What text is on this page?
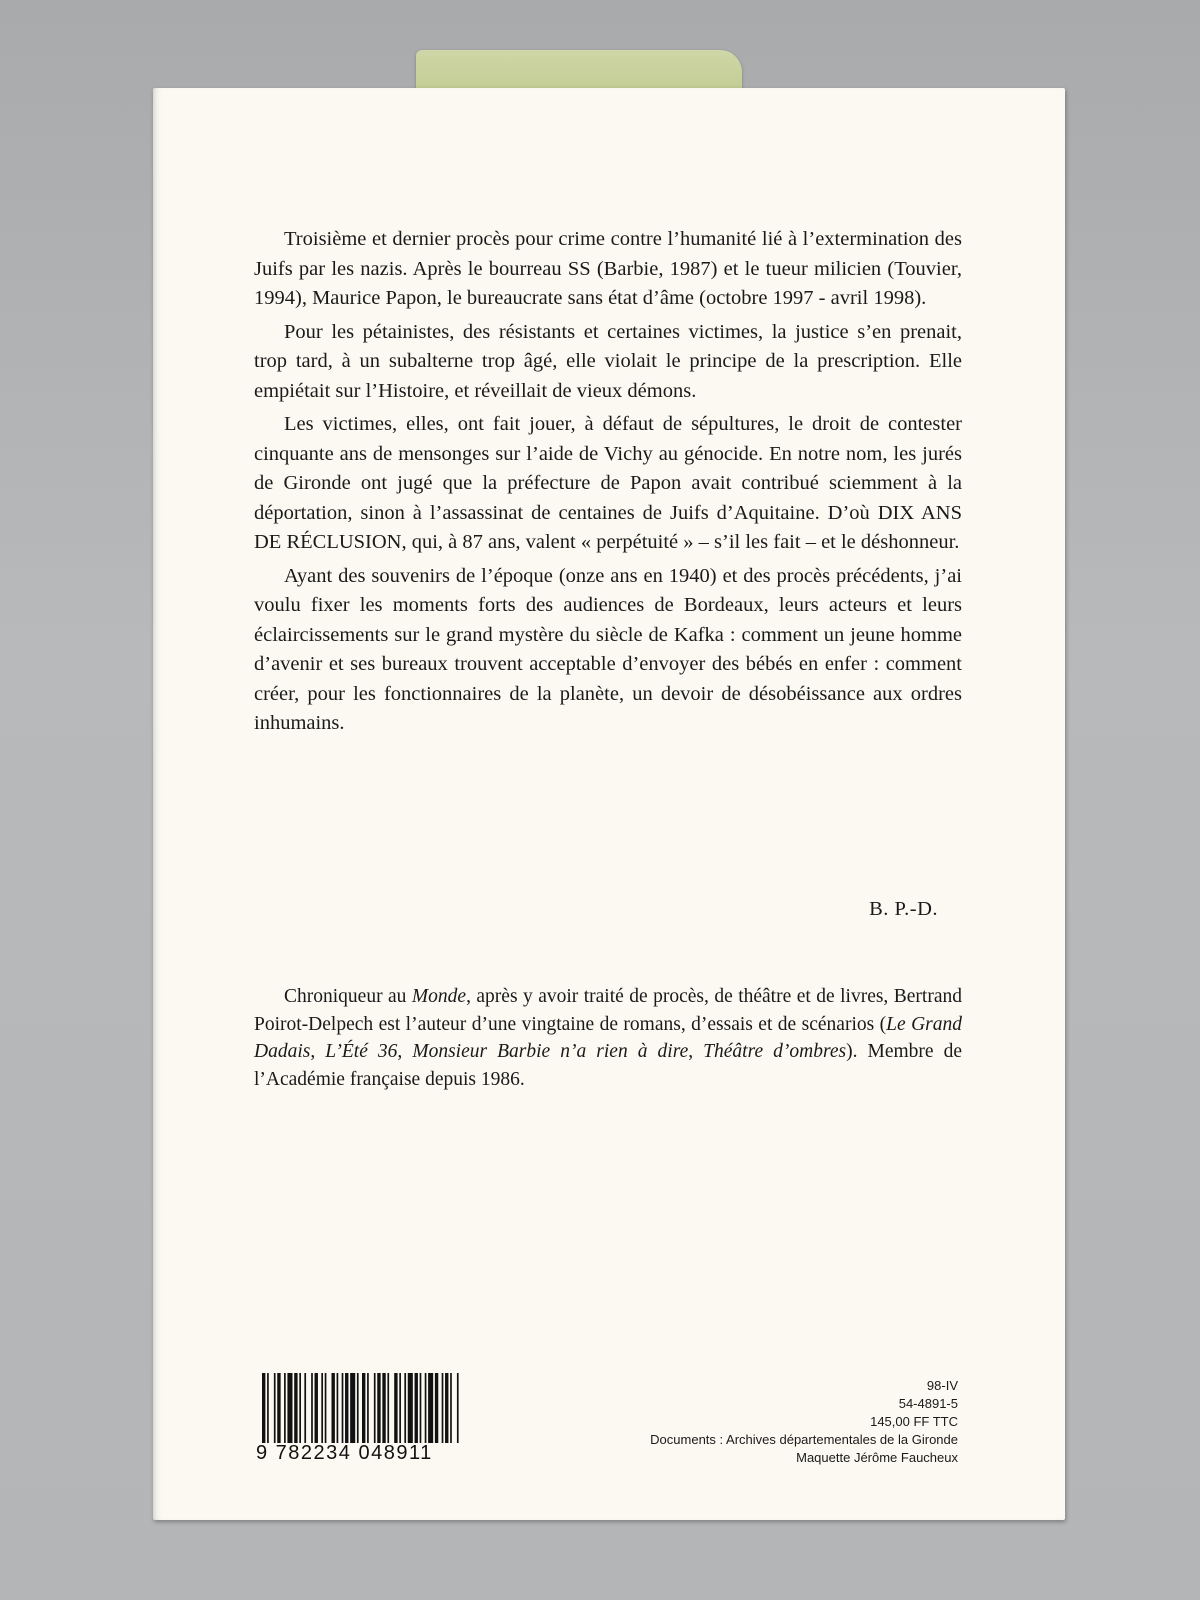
Troisième et dernier procès pour crime contre l’humanité lié à l’extermination des Juifs par les nazis. Après le bourreau SS (Barbie, 1987) et le tueur milicien (Touvier, 1994), Maurice Papon, le bureaucrate sans état d’âme (octobre 1997 - avril 1998).

Pour les pétainistes, des résistants et certaines victimes, la justice s’en prenait, trop tard, à un subalterne trop âgé, elle violait le principe de la prescription. Elle empiétait sur l’Histoire, et réveillait de vieux démons.

Les victimes, elles, ont fait jouer, à défaut de sépultures, le droit de contester cinquante ans de mensonges sur l’aide de Vichy au génocide. En notre nom, les jurés de Gironde ont jugé que la préfecture de Papon avait contribué sciemment à la déportation, sinon à l’assassinat de centaines de Juifs d’Aquitaine. D’où DIX ANS DE RÉCLUSION, qui, à 87 ans, valent « perpétuité » – s’il les fait – et le déshonneur.

Ayant des souvenirs de l’époque (onze ans en 1940) et des procès précédents, j’ai voulu fixer les moments forts des audiences de Bordeaux, leurs acteurs et leurs éclaircissements sur le grand mystère du siècle de Kafka : comment un jeune homme d’avenir et ses bureaux trouvent acceptable d’envoyer des bébés en enfer : comment créer, pour les fonctionnaires de la planète, un devoir de désobéissance aux ordres inhumains.

B. P.-D.
Chroniqueur au Monde, après y avoir traité de procès, de théâtre et de livres, Bertrand Poirot-Delpech est l’auteur d’une vingtaine de romans, d’essais et de scénarios (Le Grand Dadais, L’Été 36, Monsieur Barbie n’a rien à dire, Théâtre d’ombres). Membre de l’Académie française depuis 1986.
9 782234 048911
98-IV
54-4891-5
145,00 FF TTC
Documents : Archives départementales de la Gironde
Maquette Jérôme Faucheux
